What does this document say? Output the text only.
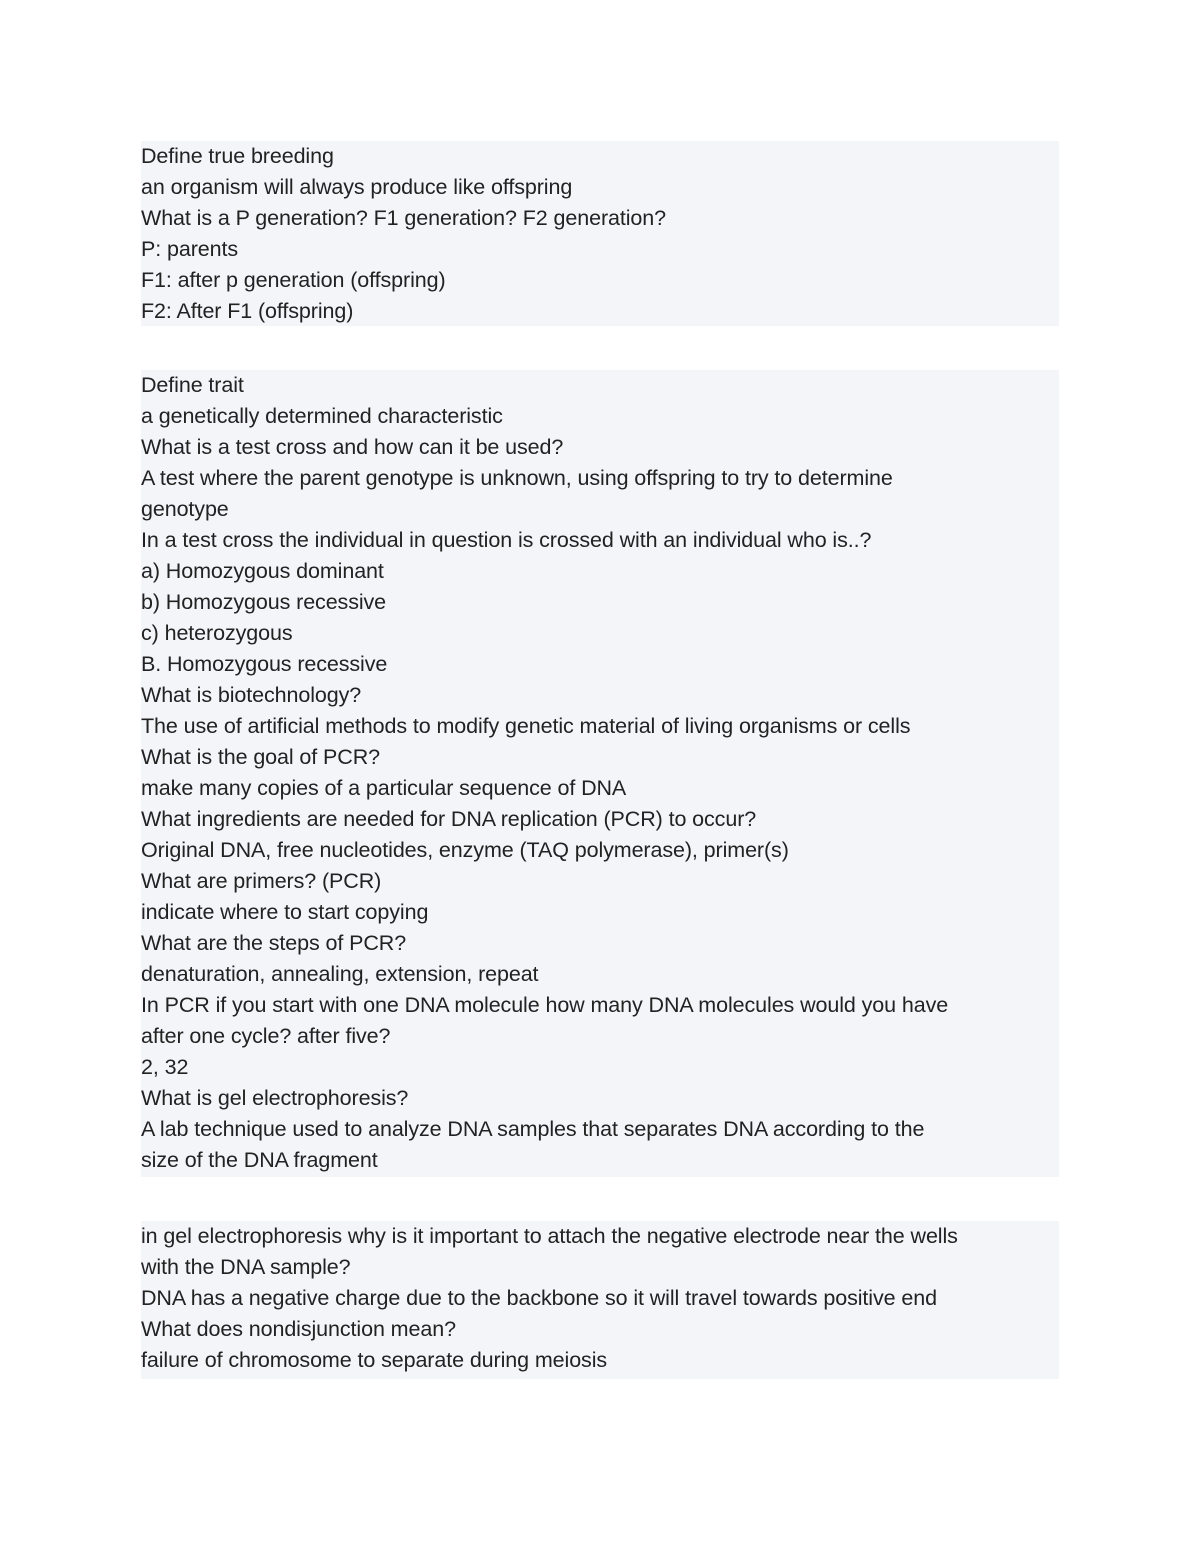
Define true breeding

an organism will always produce like offspring

What is a P generation? F1 generation? F2 generation?

P: parents

F1: after p generation (offspring)

F2: After F1 (offspring)

Define trait

a genetically determined characteristic

What is a test cross and how can it be used?

A test where the parent genotype is unknown, using offspring to try to determine

genotype

In a test cross the individual in question is crossed with an individual who is..?

a) Homozygous dominant

b) Homozygous recessive

c) heterozygous

B. Homozygous recessive

What is biotechnology?

The use of artificial methods to modify genetic material of living organisms or cells

What is the goal of PCR?

make many copies of a particular sequence of DNA

What ingredients are needed for DNA replication (PCR) to occur?

Original DNA, free nucleotides, enzyme (TAQ polymerase), primer(s)

What are primers? (PCR)

indicate where to start copying

What are the steps of PCR?

denaturation, annealing, extension, repeat

In PCR if you start with one DNA molecule how many DNA molecules would you have

after one cycle? after five?

2, 32

What is gel electrophoresis?

A lab technique used to analyze DNA samples that separates DNA according to the

size of the DNA fragment

in gel electrophoresis why is it important to attach the negative electrode near the wells

with the DNA sample?

DNA has a negative charge due to the backbone so it will travel towards positive end

What does nondisjunction mean?

failure of chromosome to separate during meiosis
